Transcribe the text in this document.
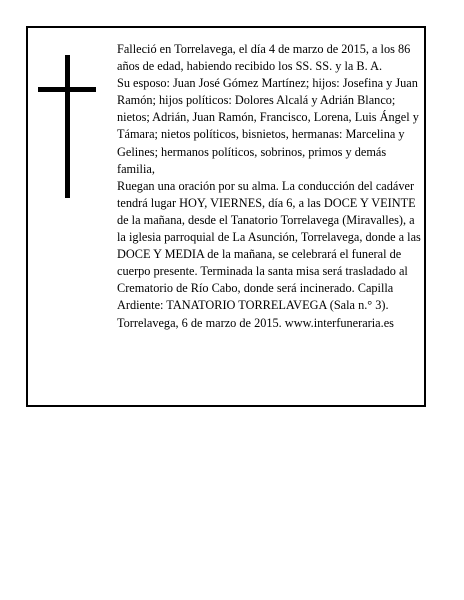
Falleció en Torrelavega, el día 4 de marzo de 2015, a los 86 años de edad, habiendo recibido los SS. SS. y la B. A.

Su esposo: Juan José Gómez Martínez; hijos: Josefina y Juan Ramón; hijos políticos: Dolores Alcalá y Adrián Blanco; nietos; Adrián, Juan Ramón, Francisco, Lorena, Luis Ángel y Támara; nietos políticos, bisnietos, hermanas: Marcelina y Gelines; hermanos políticos, sobrinos, primos y demás familia,

Ruegan una oración por su alma. La conducción del cadáver tendrá lugar HOY, VIERNES, día 6, a las DOCE Y VEINTE de la mañana, desde el Tanatorio Torrelavega (Miravalles), a la iglesia parroquial de La Asunción, Torrelavega, donde a las DOCE Y MEDIA de la mañana, se celebrará el funeral de cuerpo presente. Terminada la santa misa será trasladado al Crematorio de Río Cabo, donde será incinerado. Capilla Ardiente: TANATORIO TORRELAVEGA (Sala n.° 3).

Torrelavega, 6 de marzo de 2015. www.interfuneraria.es
